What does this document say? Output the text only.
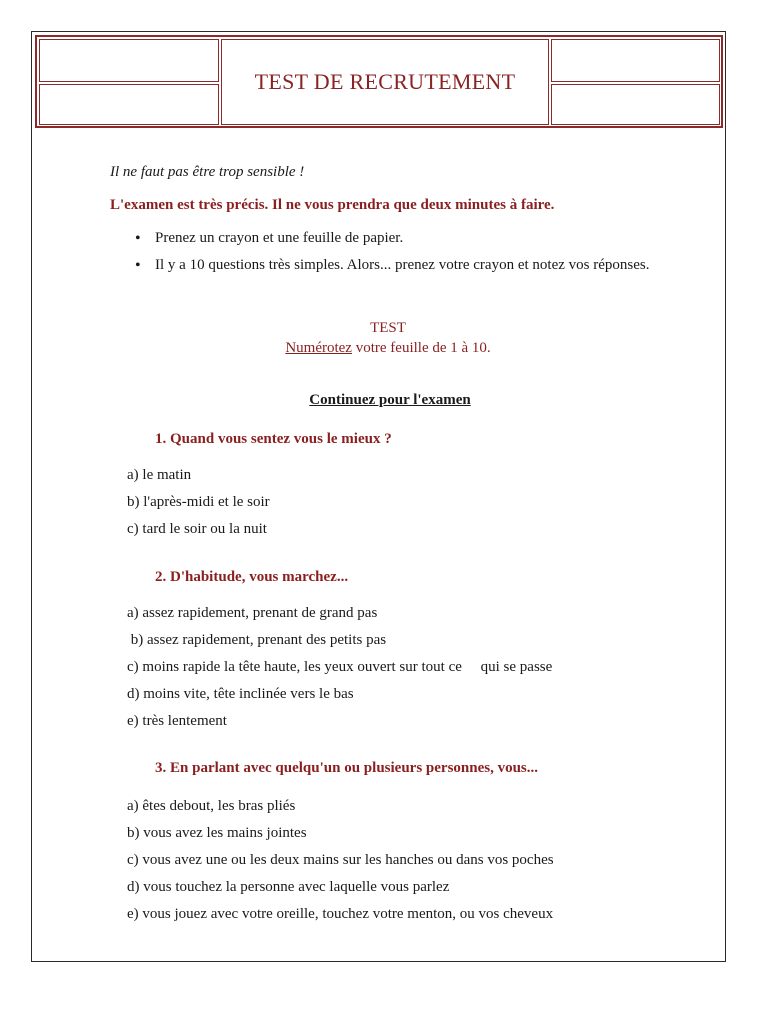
TEST DE RECRUTEMENT

Il ne faut pas être trop sensible !

L'examen est très précis. Il ne vous prendra que deux minutes à faire.

• Prenez un crayon et une feuille de papier.
• Il y a 10 questions très simples. Alors... prenez votre crayon et notez vos réponses.
TEST
Numérotez votre feuille de 1 à 10.
Continuez pour l'examen
1. Quand vous sentez vous le mieux ?
a) le matin
b) l'après-midi et le soir
c) tard le soir ou la nuit
2. D'habitude, vous marchez...
a) assez rapidement, prenant de grand pas
b) assez rapidement, prenant des petits pas
c) moins rapide la tête haute, les yeux ouvert sur tout ce     qui se passe
d) moins vite, tête inclinée vers le bas
e) très lentement
3. En parlant avec quelqu'un ou plusieurs personnes, vous...
a) êtes debout, les bras pliés
b) vous avez les mains jointes
c) vous avez une ou les deux mains sur les hanches ou dans vos poches
d) vous touchez la personne avec laquelle vous parlez
e) vous jouez avec votre oreille, touchez votre menton, ou vos cheveux
